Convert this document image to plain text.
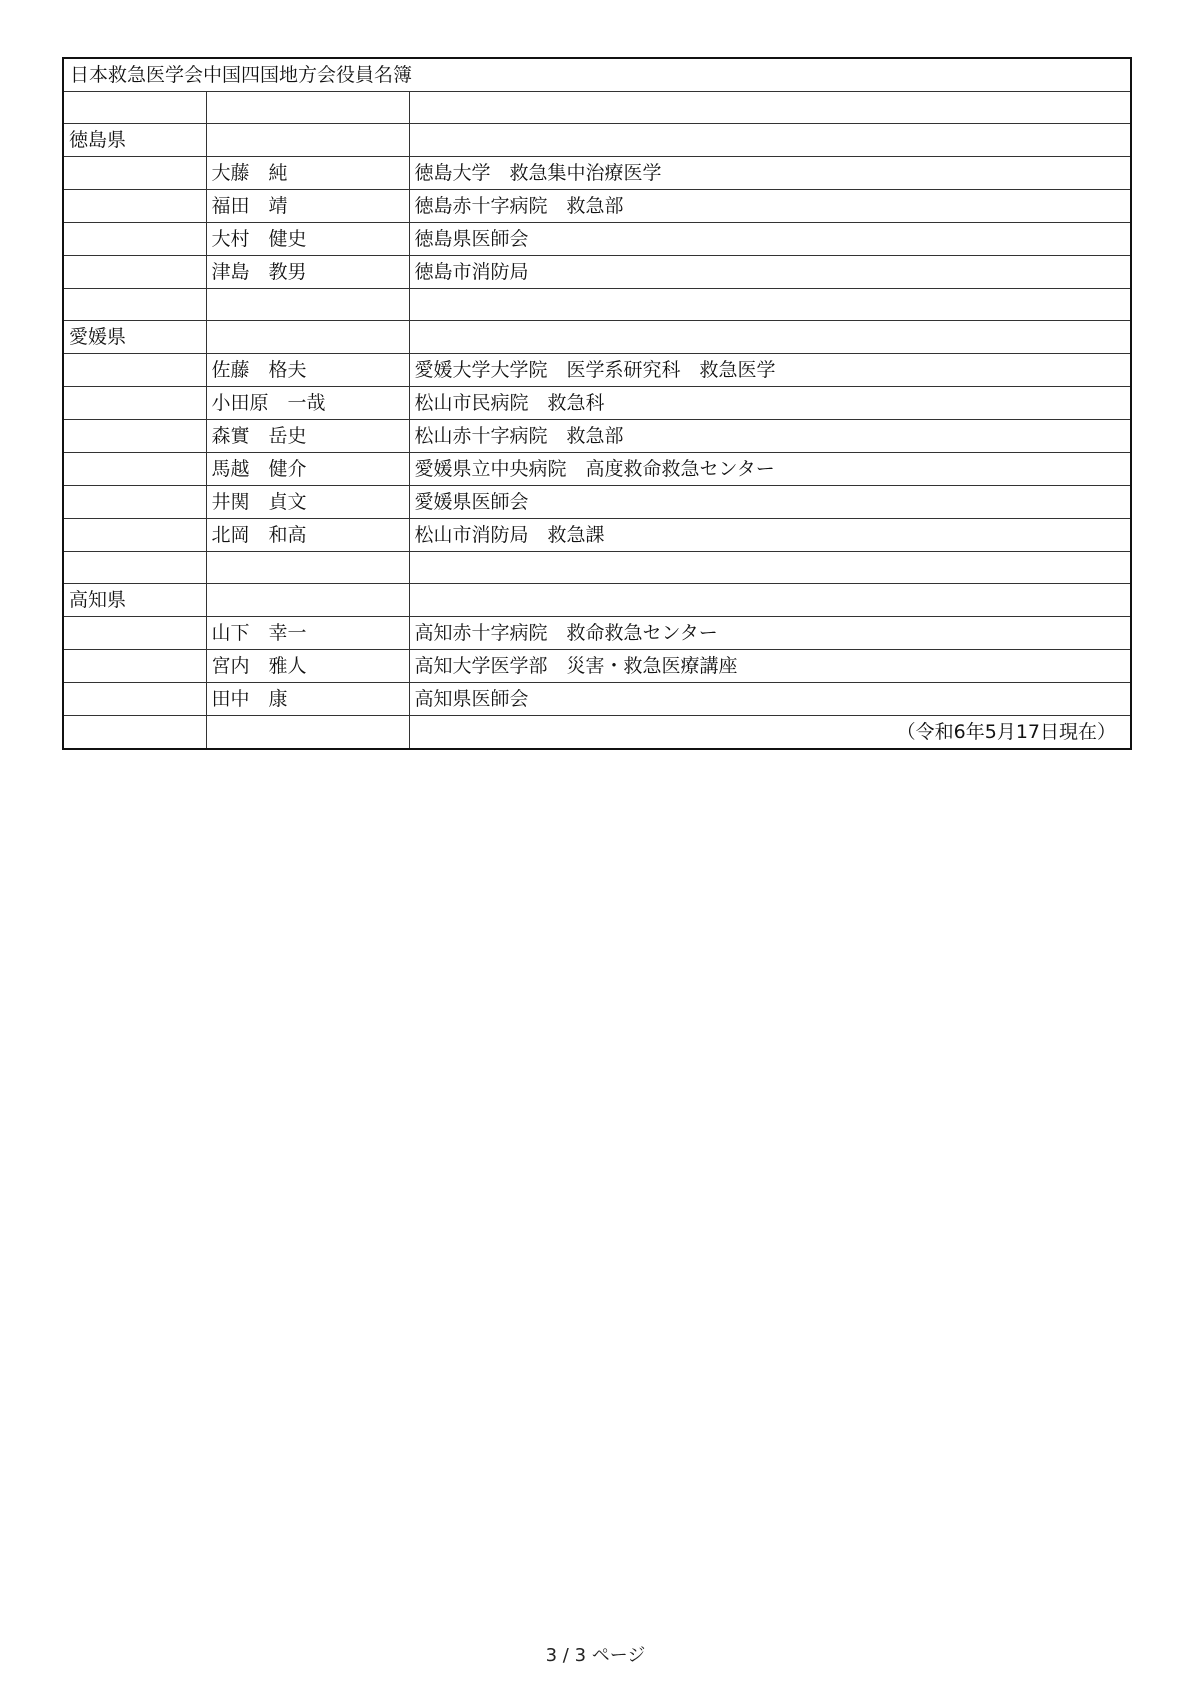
日本救急医学会中国四国地方会役員名簿		

徳島県		
	大藤　純	徳島大学　救急集中治療医学
	福田　靖	徳島赤十字病院　救急部
	大村　健史	徳島県医師会
	津島　教男	徳島市消防局

愛媛県		
	佐藤　格夫	愛媛大学大学院　医学系研究科　救急医学
	小田原　一哉	松山市民病院　救急科
	森實　岳史	松山赤十字病院　救急部
	馬越　健介	愛媛県立中央病院　高度救命救急センター
	井関　貞文	愛媛県医師会
	北岡　和高	松山市消防局　救急課

高知県		
	山下　幸一	高知赤十字病院　救命救急センター
	宮内　雅人	高知大学医学部　災害・救急医療講座
	田中　康	高知県医師会
		（令和6年5月17日現在）
3 / 3 ページ
